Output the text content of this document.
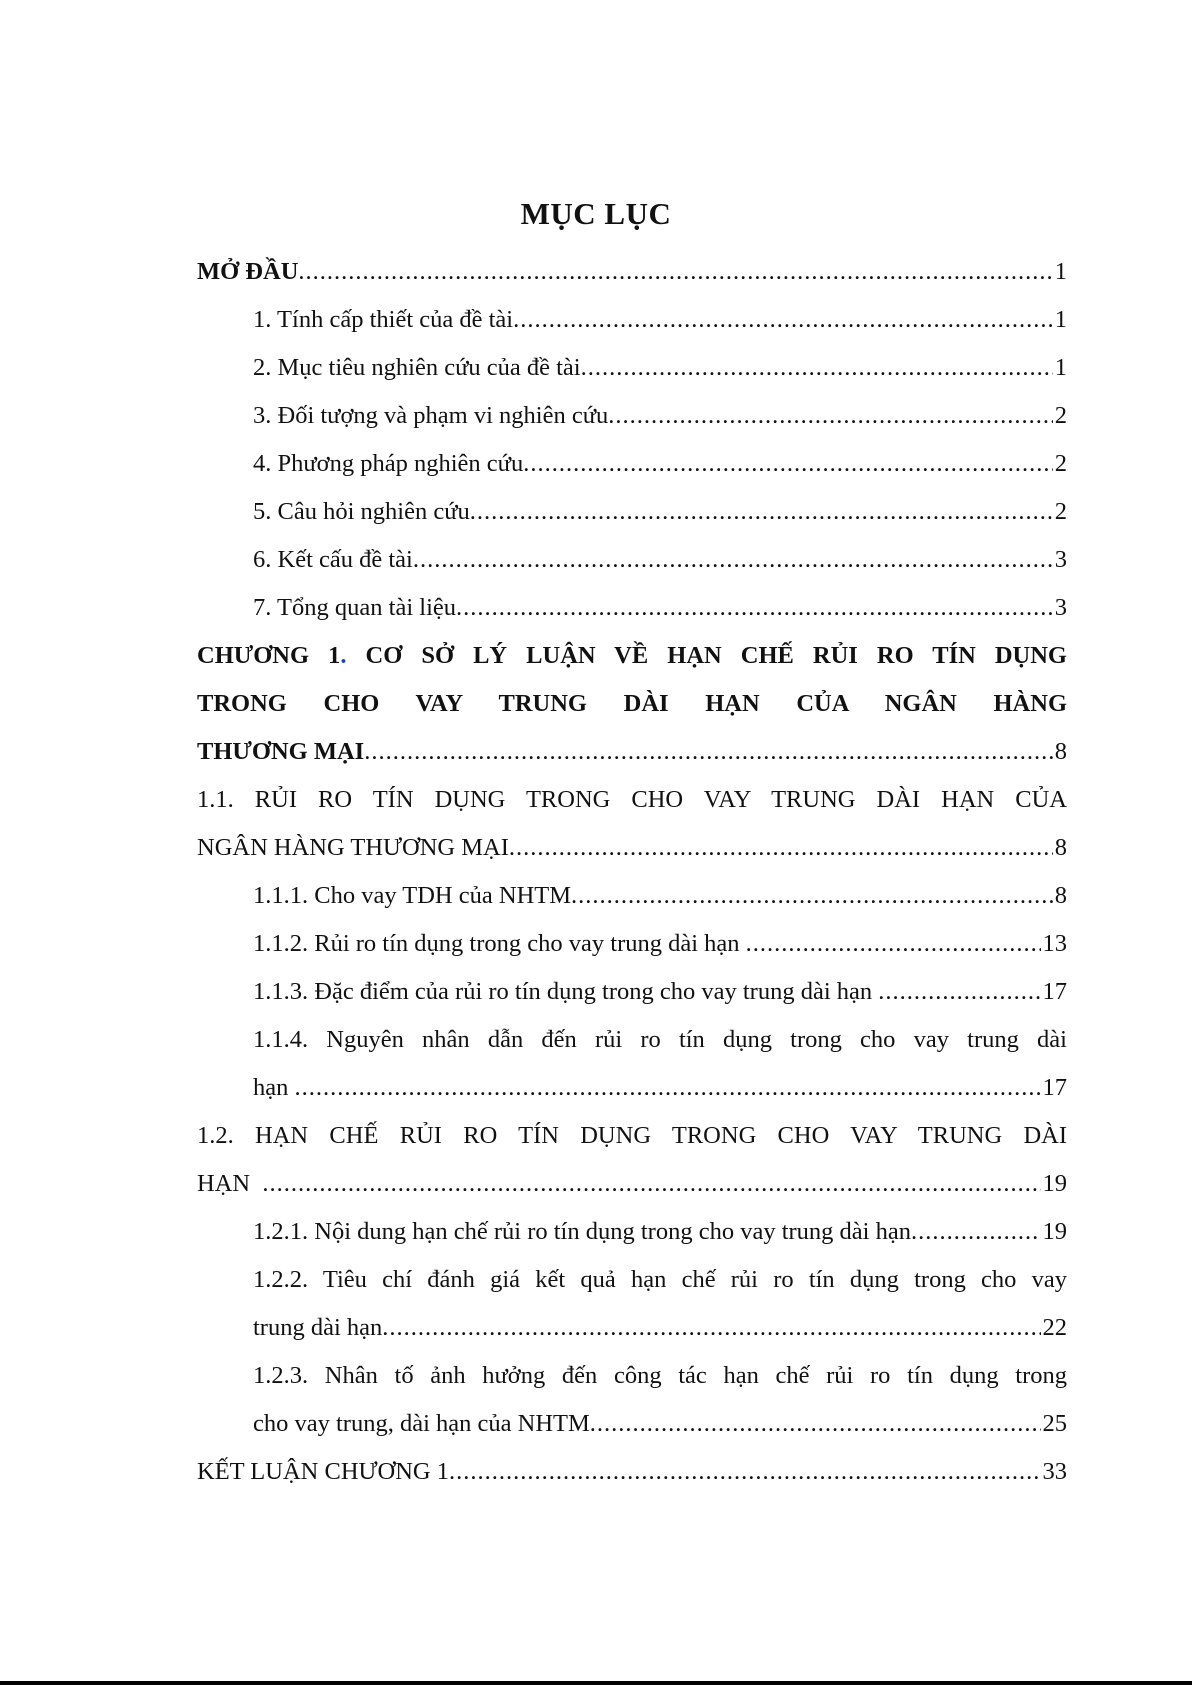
MỤC LỤC
MỞ ĐẦU .....	1
1. Tính cấp thiết của đề tài .....	1
2. Mục tiêu nghiên cứu của đề tài .....	1
3. Đối tượng và phạm vi nghiên cứu .....	2
4. Phương pháp nghiên cứu .....	2
5. Câu hỏi nghiên cứu .....	2
6. Kết cấu đề tài .....	3
7. Tổng quan tài liệu .....	3
CHƯƠNG 1. CƠ SỞ LÝ LUẬN VỀ HẠN CHẾ RỦI RO TÍN DỤNG
TRONG CHO VAY TRUNG DÀI HẠN CỦA NGÂN HÀNG
THƯƠNG MẠI .....	8
1.1. RỦI RO TÍN DỤNG TRONG CHO VAY TRUNG DÀI HẠN CỦA
NGÂN HÀNG THƯƠNG MẠI .....	8
1.1.1. Cho vay TDH của NHTM .....	8
1.1.2. Rủi ro tín dụng trong cho vay trung dài hạn .....	13
1.1.3. Đặc điểm của rủi ro tín dụng trong cho vay trung dài hạn .....	17
1.1.4. Nguyên nhân dẫn đến rủi ro tín dụng trong cho vay trung dài
hạn .....	17
1.2. HẠN CHẾ RỦI RO TÍN DỤNG TRONG CHO VAY TRUNG DÀI
HẠN .....	19
1.2.1. Nội dung hạn chế rủi ro tín dụng trong cho vay trung dài hạn .....	19
1.2.2. Tiêu chí đánh giá kết quả hạn chế rủi ro tín dụng trong cho vay
trung dài hạn .....	22
1.2.3. Nhân tố ảnh hưởng đến công tác hạn chế rủi ro tín dụng trong
cho vay trung, dài hạn của NHTM .....	25
KẾT LUẬN CHƯƠNG 1 .....	33
